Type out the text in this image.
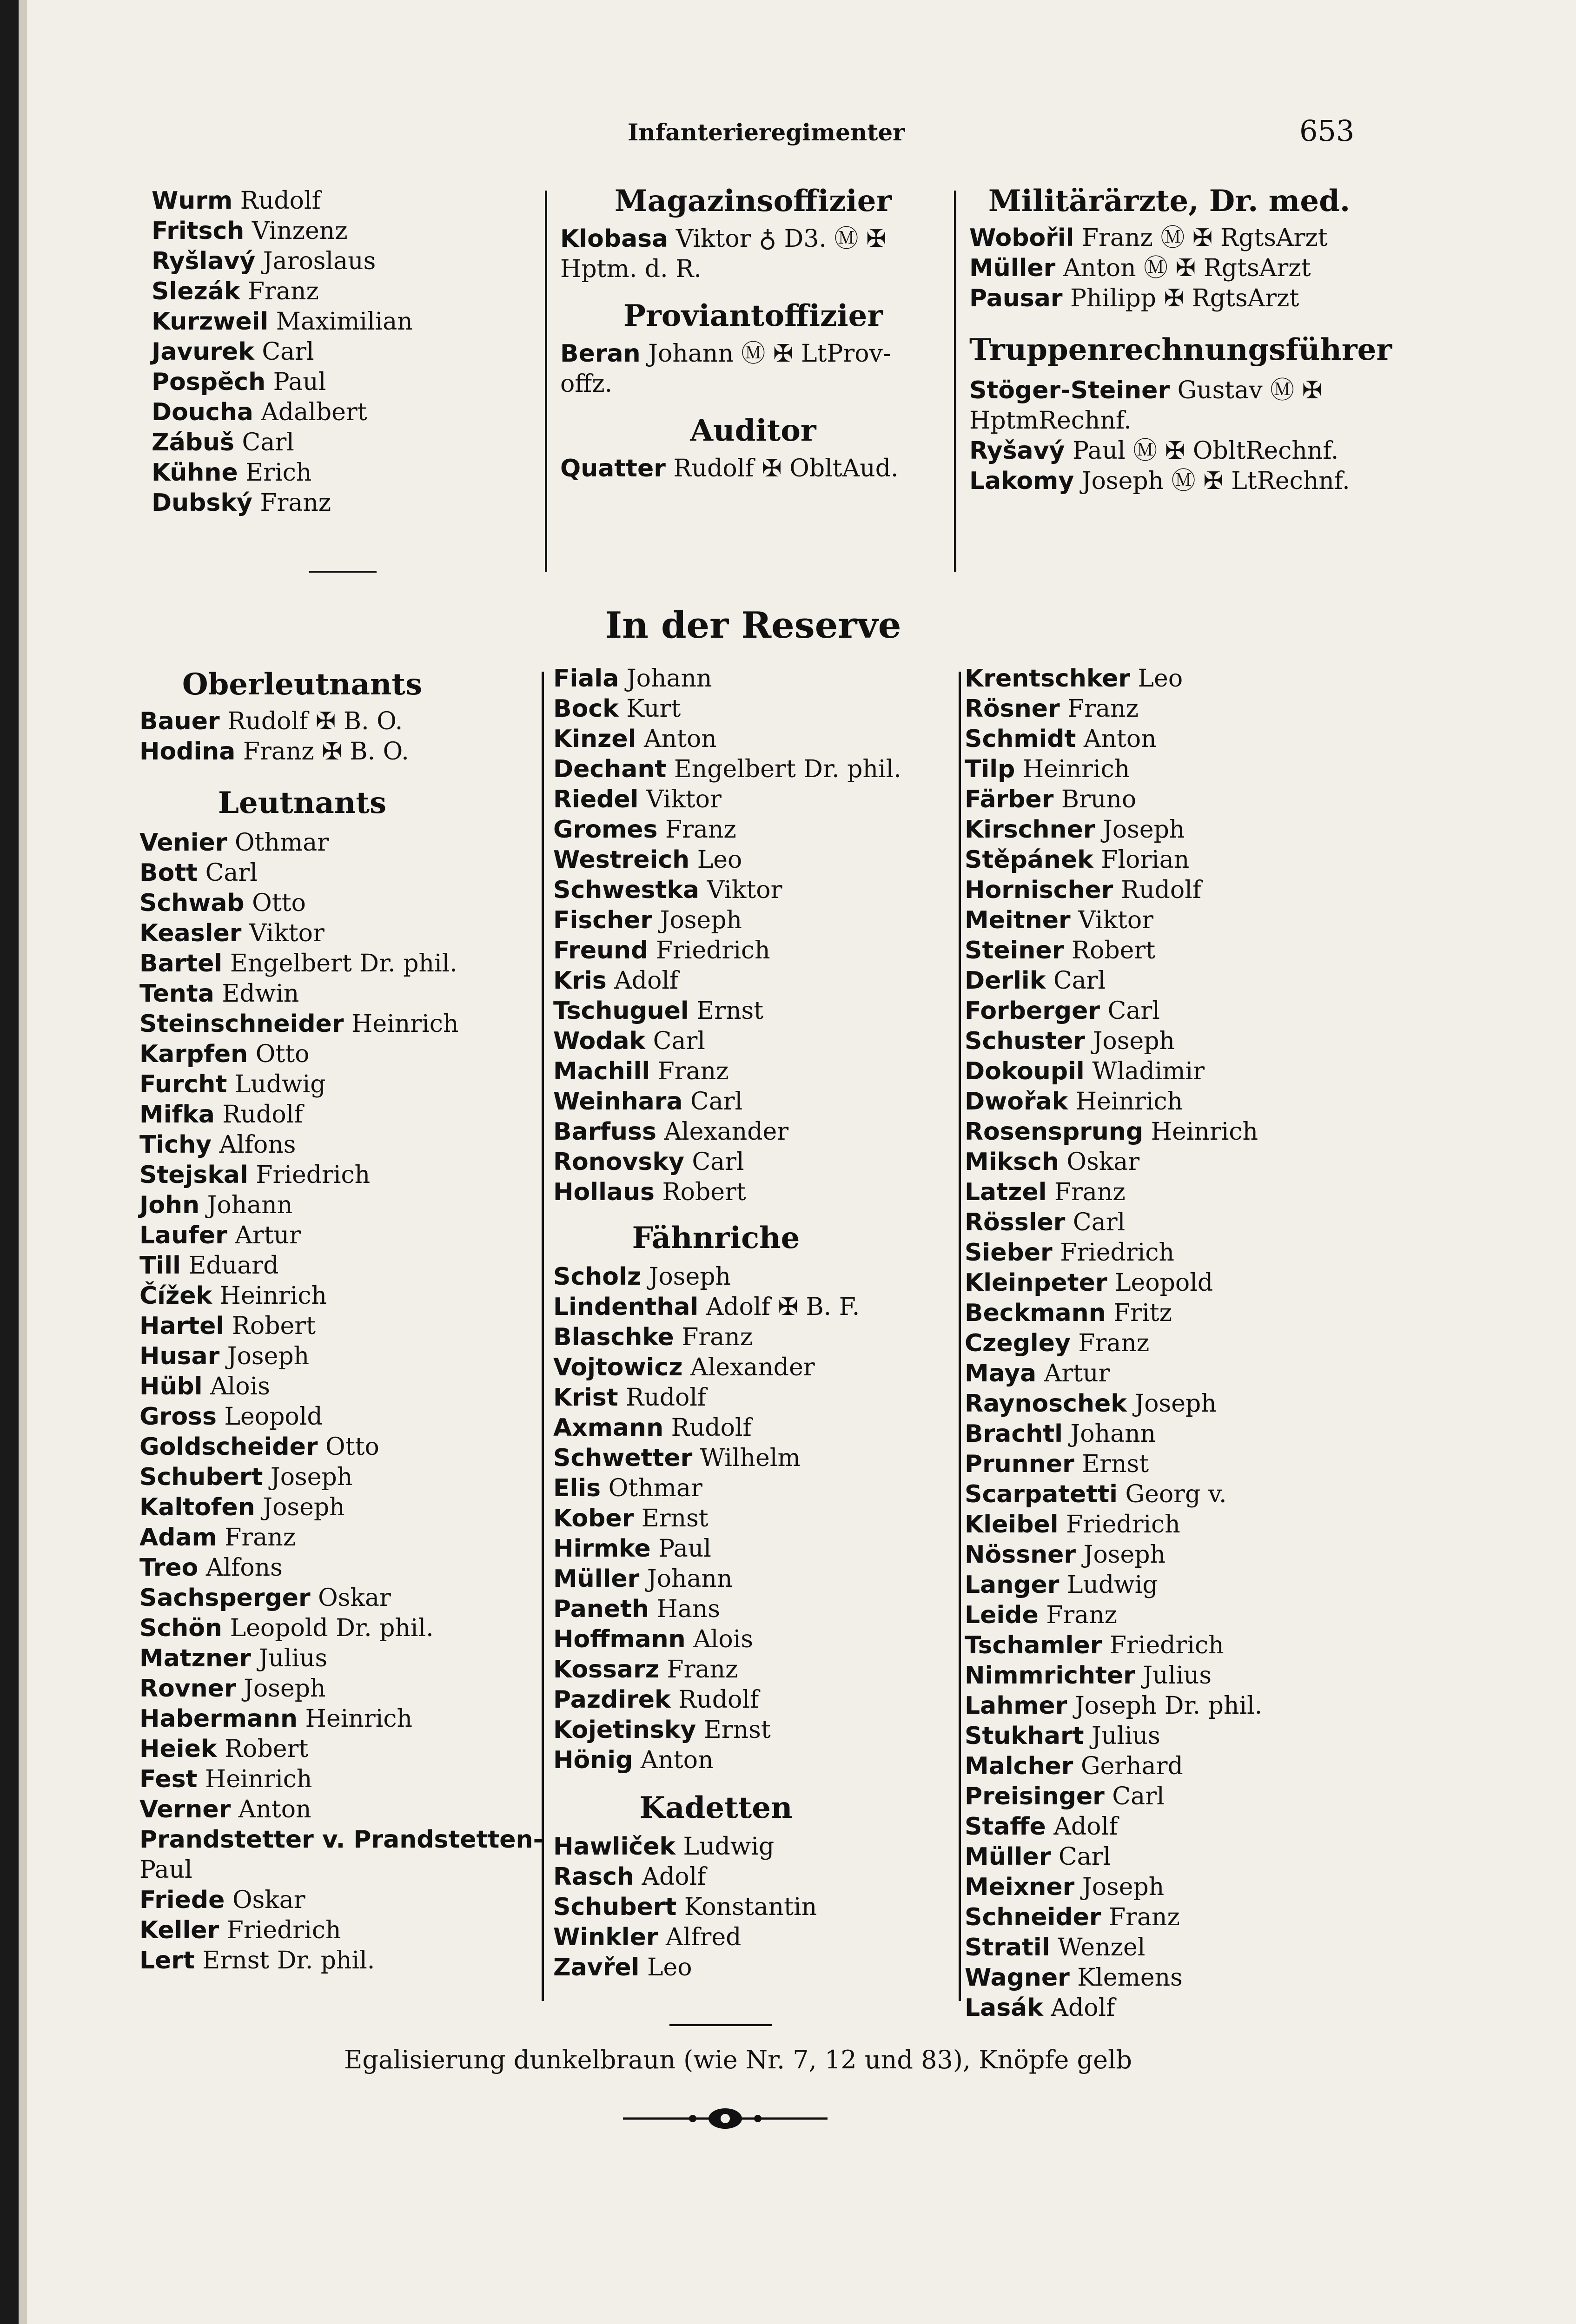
Infanterieregimenter	653
Wurm Rudolf
Fritsch Vinzenz
Ryšlavý Jaroslaus
Slezák Franz
Kurzweil Maximilian
Javurek Carl
Pospĕch Paul
Doucha Adalbert
Zábuš Carl
Kühne Erich
Dubský Franz
Magazinsoffizier
Klobasa Viktor ♁ D3. Ⓜ ✠
Hptm. d. R.
Proviantoffizier
Beran Johann Ⓜ ✠ LtProv-
offz.
Auditor
Quatter Rudolf ✠ ObltAud.
Militärärzte, Dr. med.
Wobořil Franz Ⓜ ✠ RgtsArzt
Müller Anton Ⓜ ✠ RgtsArzt
Pausar Philipp ✠ RgtsArzt
Truppenrechnungsführer
Stöger-Steiner Gustav Ⓜ ✠
HptmRechnf.
Ryšavý Paul Ⓜ ✠ ObltRechnf.
Lakomy Joseph Ⓜ ✠ LtRechnf.
In der Reserve
Oberleutnants
Bauer Rudolf ✠ B. O.
Hodina Franz ✠ B. O.
Leutnants
Venier Othmar
Bott Carl
Schwab Otto
Keasler Viktor
Bartel Engelbert Dr. phil.
Tenta Edwin
Steinschneider Heinrich
Karpfen Otto
Furcht Ludwig
Mifka Rudolf
Tichy Alfons
Stejskal Friedrich
John Johann
Laufer Artur
Till Eduard
Čížek Heinrich
Hartel Robert
Husar Joseph
Hübl Alois
Gross Leopold
Goldscheider Otto
Schubert Joseph
Kaltofen Joseph
Adam Franz
Treo Alfons
Sachsperger Oskar
Schön Leopold Dr. phil.
Matzner Julius
Rovner Joseph
Habermann Heinrich
Heiek Robert
Fest Heinrich
Verner Anton
Prandstetter v. Prandstetten-
Paul
Friede Oskar
Keller Friedrich
Lert Ernst Dr. phil.
Fiala Johann
Bock Kurt
Kinzel Anton
Dechant Engelbert Dr. phil.
Riedel Viktor
Gromes Franz
Westreich Leo
Schwestka Viktor
Fischer Joseph
Freund Friedrich
Kris Adolf
Tschuguel Ernst
Wodak Carl
Machill Franz
Weinhara Carl
Barfuss Alexander
Ronovsky Carl
Hollaus Robert
Fähnriche
Scholz Joseph
Lindenthal Adolf ✠ B. F.
Blaschke Franz
Vojtowicz Alexander
Krist Rudolf
Axmann Rudolf
Schwetter Wilhelm
Elis Othmar
Kober Ernst
Hirmke Paul
Müller Johann
Paneth Hans
Hoffmann Alois
Kossarz Franz
Pazdirek Rudolf
Kojetinsky Ernst
Hönig Anton
Kadetten
Hawliček Ludwig
Rasch Adolf
Schubert Konstantin
Winkler Alfred
Zavřel Leo
Krentschker Leo
Rösner Franz
Schmidt Anton
Tilp Heinrich
Färber Bruno
Kirschner Joseph
Stěpánek Florian
Hornischer Rudolf
Meitner Viktor
Steiner Robert
Derlik Carl
Forberger Carl
Schuster Joseph
Dokoupil Wladimir
Dwořak Heinrich
Rosensprung Heinrich
Miksch Oskar
Latzel Franz
Rössler Carl
Sieber Friedrich
Kleinpeter Leopold
Beckmann Fritz
Czegley Franz
Maya Artur
Raynoschek Joseph
Brachtl Johann
Prunner Ernst
Scarpatetti Georg v.
Kleibel Friedrich
Nössner Joseph
Langer Ludwig
Leide Franz
Tschamler Friedrich
Nimmrichter Julius
Lahmer Joseph Dr. phil.
Stukhart Julius
Malcher Gerhard
Preisinger Carl
Staffe Adolf
Müller Carl
Meixner Joseph
Schneider Franz
Stratil Wenzel
Wagner Klemens
Lasák Adolf
Egalisierung dunkelbraun (wie Nr. 7, 12 und 83), Knöpfe gelb
